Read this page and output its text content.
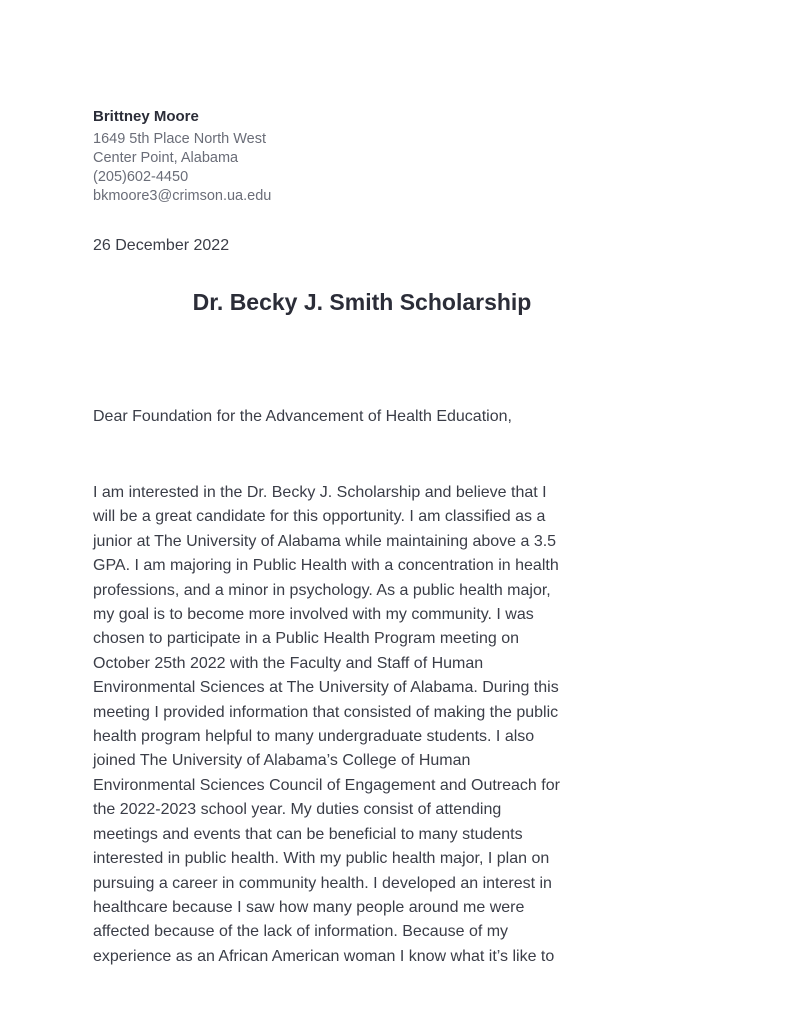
Brittney Moore
1649 5th Place North West
Center Point, Alabama
(205)602-4450
bkmoore3@crimson.ua.edu
26 December 2022
Dr. Becky J. Smith Scholarship
Dear Foundation for the Advancement of Health Education,
I am interested in the Dr. Becky J. Scholarship and believe that I
will be a great candidate for this opportunity. I am classified as a
junior at The University of Alabama while maintaining above a 3.5
GPA. I am majoring in Public Health with a concentration in health
professions, and a minor in psychology. As a public health major,
my goal is to become more involved with my community. I was
chosen to participate in a Public Health Program meeting on
October 25th 2022 with the Faculty and Staff of Human
Environmental Sciences at The University of Alabama. During this
meeting I provided information that consisted of making the public
health program helpful to many undergraduate students. I also
joined The University of Alabama’s College of Human
Environmental Sciences Council of Engagement and Outreach for
the 2022-2023 school year. My duties consist of attending
meetings and events that can be beneficial to many students
interested in public health. With my public health major, I plan on
pursuing a career in community health. I developed an interest in
healthcare because I saw how many people around me were
affected because of the lack of information. Because of my
experience as an African American woman I know what it’s like to
